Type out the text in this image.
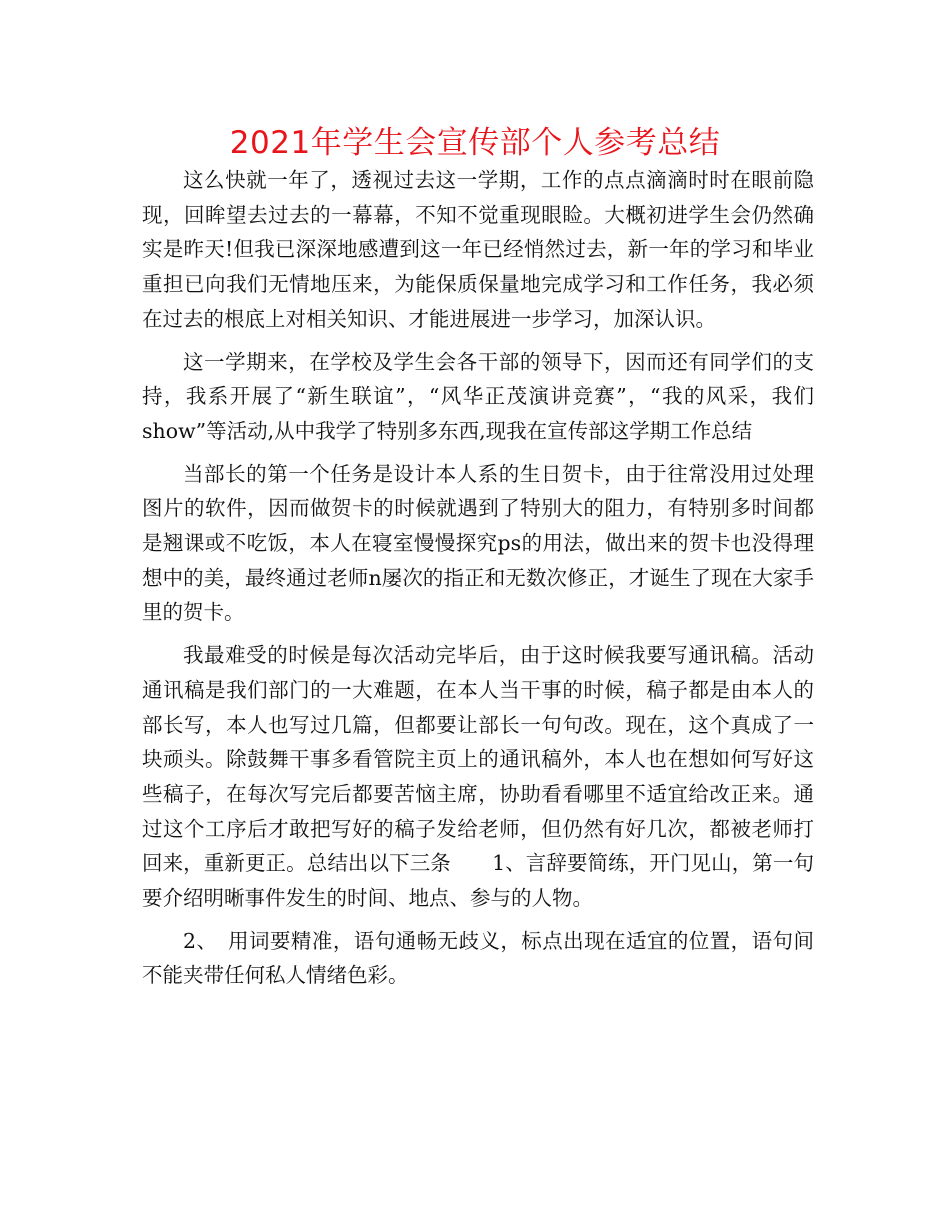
2021年学生会宣传部个人参考总结

这么快就一年了，透视过去这一学期，工作的点点滴滴时时在眼前隐现，回眸望去过去的一幕幕，不知不觉重现眼睑。大概初进学生会仍然确实是昨天!但我已深深地感遭到这一年已经悄然过去，新一年的学习和毕业重担已向我们无情地压来，为能保质保量地完成学习和工作任务，我必须在过去的根底上对相关知识、才能进展进一步学习，加深认识。

这一学期来，在学校及学生会各干部的领导下，因而还有同学们的支持，我系开展了“新生联谊”，“风华正茂演讲竞赛”，“我的风采，我们show”等活动,从中我学了特别多东西,现我在宣传部这学期工作总结

当部长的第一个任务是设计本人系的生日贺卡，由于往常没用过处理图片的软件，因而做贺卡的时候就遇到了特别大的阻力，有特别多时间都是翘课或不吃饭，本人在寝室慢慢探究ps的用法，做出来的贺卡也没得理想中的美，最终通过老师n屡次的指正和无数次修正，才诞生了现在大家手里的贺卡。

我最难受的时候是每次活动完毕后，由于这时候我要写通讯稿。活动通讯稿是我们部门的一大难题，在本人当干事的时候，稿子都是由本人的部长写，本人也写过几篇，但都要让部长一句句改。现在，这个真成了一块顽头。除鼓舞干事多看管院主页上的通讯稿外，本人也在想如何写好这些稿子，在每次写完后都要苦恼主席，协助看看哪里不适宜给改正来。通过这个工序后才敢把写好的稿子发给老师，但仍然有好几次，都被老师打回来，重新更正。总结出以下三条　　1、言辞要简练，开门见山，第一句要介绍明晰事件发生的时间、地点、参与的人物。

2、　用词要精准，语句通畅无歧义，标点出现在适宜的位置，语句间不能夹带任何私人情绪色彩。
